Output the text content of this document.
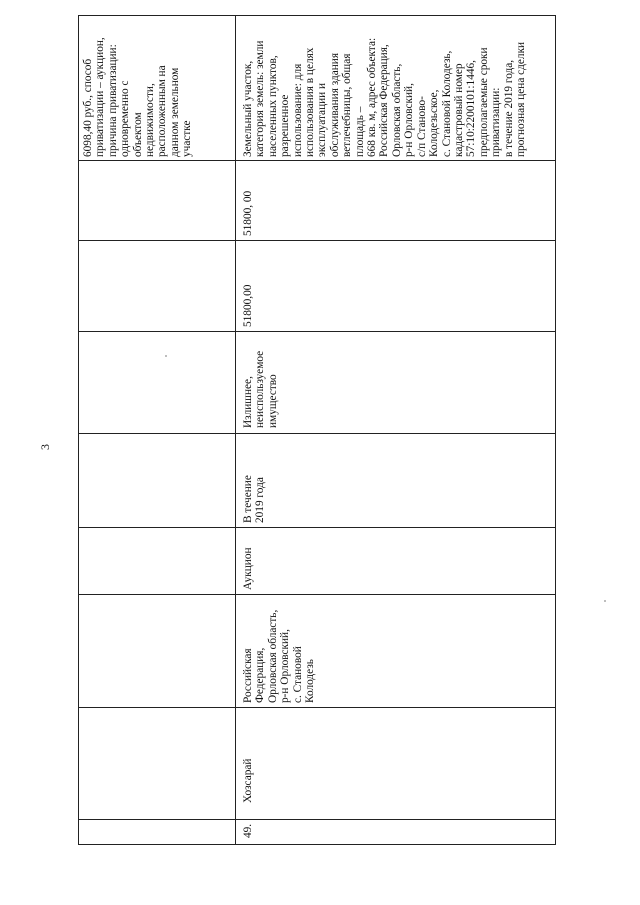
3
6098,40 руб., способ
приватизации – аукцион,
причина приватизации:
одновременно с
объектом
недвижимости,
расположенным на
данном земельном
участке
49.
Хозсарай
Российская
Федерация,
Орловская область,
р-н Орловский,
с. Становой
Колодезь
Аукцион
В течение
2019 года
Излишнее,
неиспользуемое
имущество
51800,00
51800, 00
Земельный участок,
категория земель: земли
населенных пунктов,
разрешенное
использование: для
использования в целях
эксплуатации и
обслуживания здания
ветлечебницы, общая
площадь –
668 кв. м, адрес объекта:
Российская Федерация,
Орловская область,
р-н Орловский,
с/п Станово-
Колодезьское,
с. Становой Колодезь,
кадастровый номер
57:10:2200101:1446,
предполагаемые сроки
приватизации:
в течение 2019 года,
прогнозная цена сделки
